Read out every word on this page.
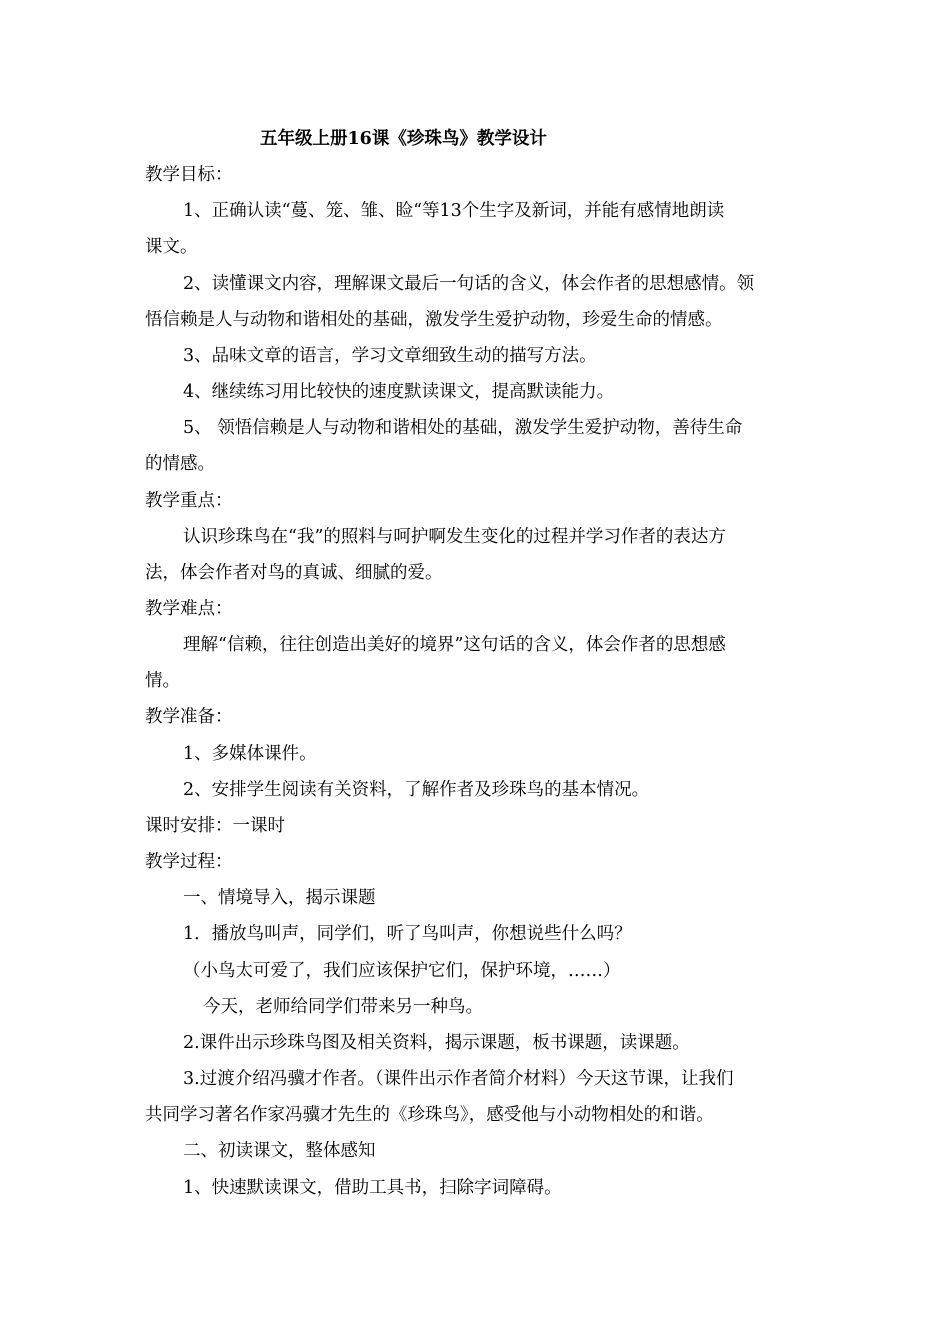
五年级上册16课《珍珠鸟》教学设计
教学目标：
1、正确认读“蔓、笼、雏、睑“等13个生字及新词，并能有感情地朗读
课文。
2、读懂课文内容，理解课文最后一句话的含义，体会作者的思想感情。领
悟信赖是人与动物和谐相处的基础，激发学生爱护动物，珍爱生命的情感。
3、品味文章的语言，学习文章细致生动的描写方法。
4、继续练习用比较快的速度默读课文，提高默读能力。
5、 领悟信赖是人与动物和谐相处的基础，激发学生爱护动物，善待生命
的情感。
教学重点：
认识珍珠鸟在“我”的照料与呵护啊发生变化的过程并学习作者的表达方
法，体会作者对鸟的真诚、细腻的爱。
教学难点：
理解“信赖，往往创造出美好的境界”这句话的含义，体会作者的思想感
情。
教学准备：
1、多媒体课件。
2、安排学生阅读有关资料，了解作者及珍珠鸟的基本情况。
课时安排：一课时
教学过程：
一、情境导入，揭示课题
1．播放鸟叫声，同学们，听了鸟叫声，你想说些什么吗？
（小鸟太可爱了，我们应该保护它们，保护环境，……）
今天，老师给同学们带来另一种鸟。
2.课件出示珍珠鸟图及相关资料，揭示课题，板书课题，读课题。
3.过渡介绍冯骥才作者。（课件出示作者简介材料）今天这节课，让我们
共同学习著名作家冯骥才先生的《珍珠鸟》，感受他与小动物相处的和谐。
二、初读课文，整体感知
1、快速默读课文，借助工具书，扫除字词障碍。
